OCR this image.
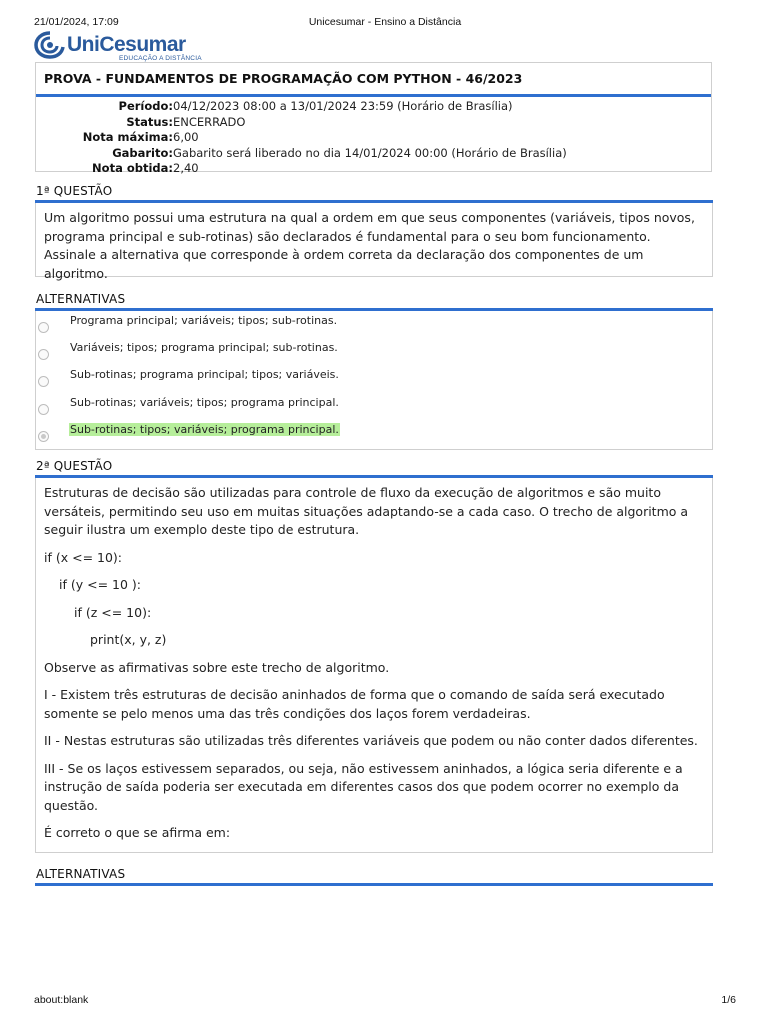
21/01/2024, 17:09	Unicesumar - Ensino a Distância
UniCesumar
EDUCAÇÃO A DISTÂNCIA
PROVA - FUNDAMENTOS DE PROGRAMAÇÃO COM PYTHON - 46/2023
Período: 04/12/2023 08:00 a 13/01/2024 23:59 (Horário de Brasília)
Status: ENCERRADO
Nota máxima: 6,00
Gabarito: Gabarito será liberado no dia 14/01/2024 00:00 (Horário de Brasília)
Nota obtida: 2,40
1ª QUESTÃO

Um algoritmo possui uma estrutura na qual a ordem em que seus componentes (variáveis, tipos novos, programa principal e sub-rotinas) são declarados é fundamental para o seu bom funcionamento. Assinale a alternativa que corresponde à ordem correta da declaração dos componentes de um algoritmo.

ALTERNATIVAS
Programa principal; variáveis; tipos; sub-rotinas.
Variáveis; tipos; programa principal; sub-rotinas.
Sub-rotinas; programa principal; tipos; variáveis.
Sub-rotinas; variáveis; tipos; programa principal.
Sub-rotinas; tipos; variáveis; programa principal.
2ª QUESTÃO

Estruturas de decisão são utilizadas para controle de fluxo da execução de algoritmos e são muito versáteis, permitindo seu uso em muitas situações adaptando-se a cada caso. O trecho de algoritmo a seguir ilustra um exemplo deste tipo de estrutura.

if (x <= 10):

if (y <= 10 ):

if (z <= 10):

print(x, y, z)

Observe as afirmativas sobre este trecho de algoritmo.

I - Existem três estruturas de decisão aninhados de forma que o comando de saída será executado somente se pelo menos uma das três condições dos laços forem verdadeiras.

II - Nestas estruturas são utilizadas três diferentes variáveis que podem ou não conter dados diferentes.

III - Se os laços estivessem separados, ou seja, não estivessem aninhados, a lógica seria diferente e a instrução de saída poderia ser executada em diferentes casos dos que podem ocorrer no exemplo da questão.

É correto o que se afirma em:

ALTERNATIVAS
about:blank	1/6
